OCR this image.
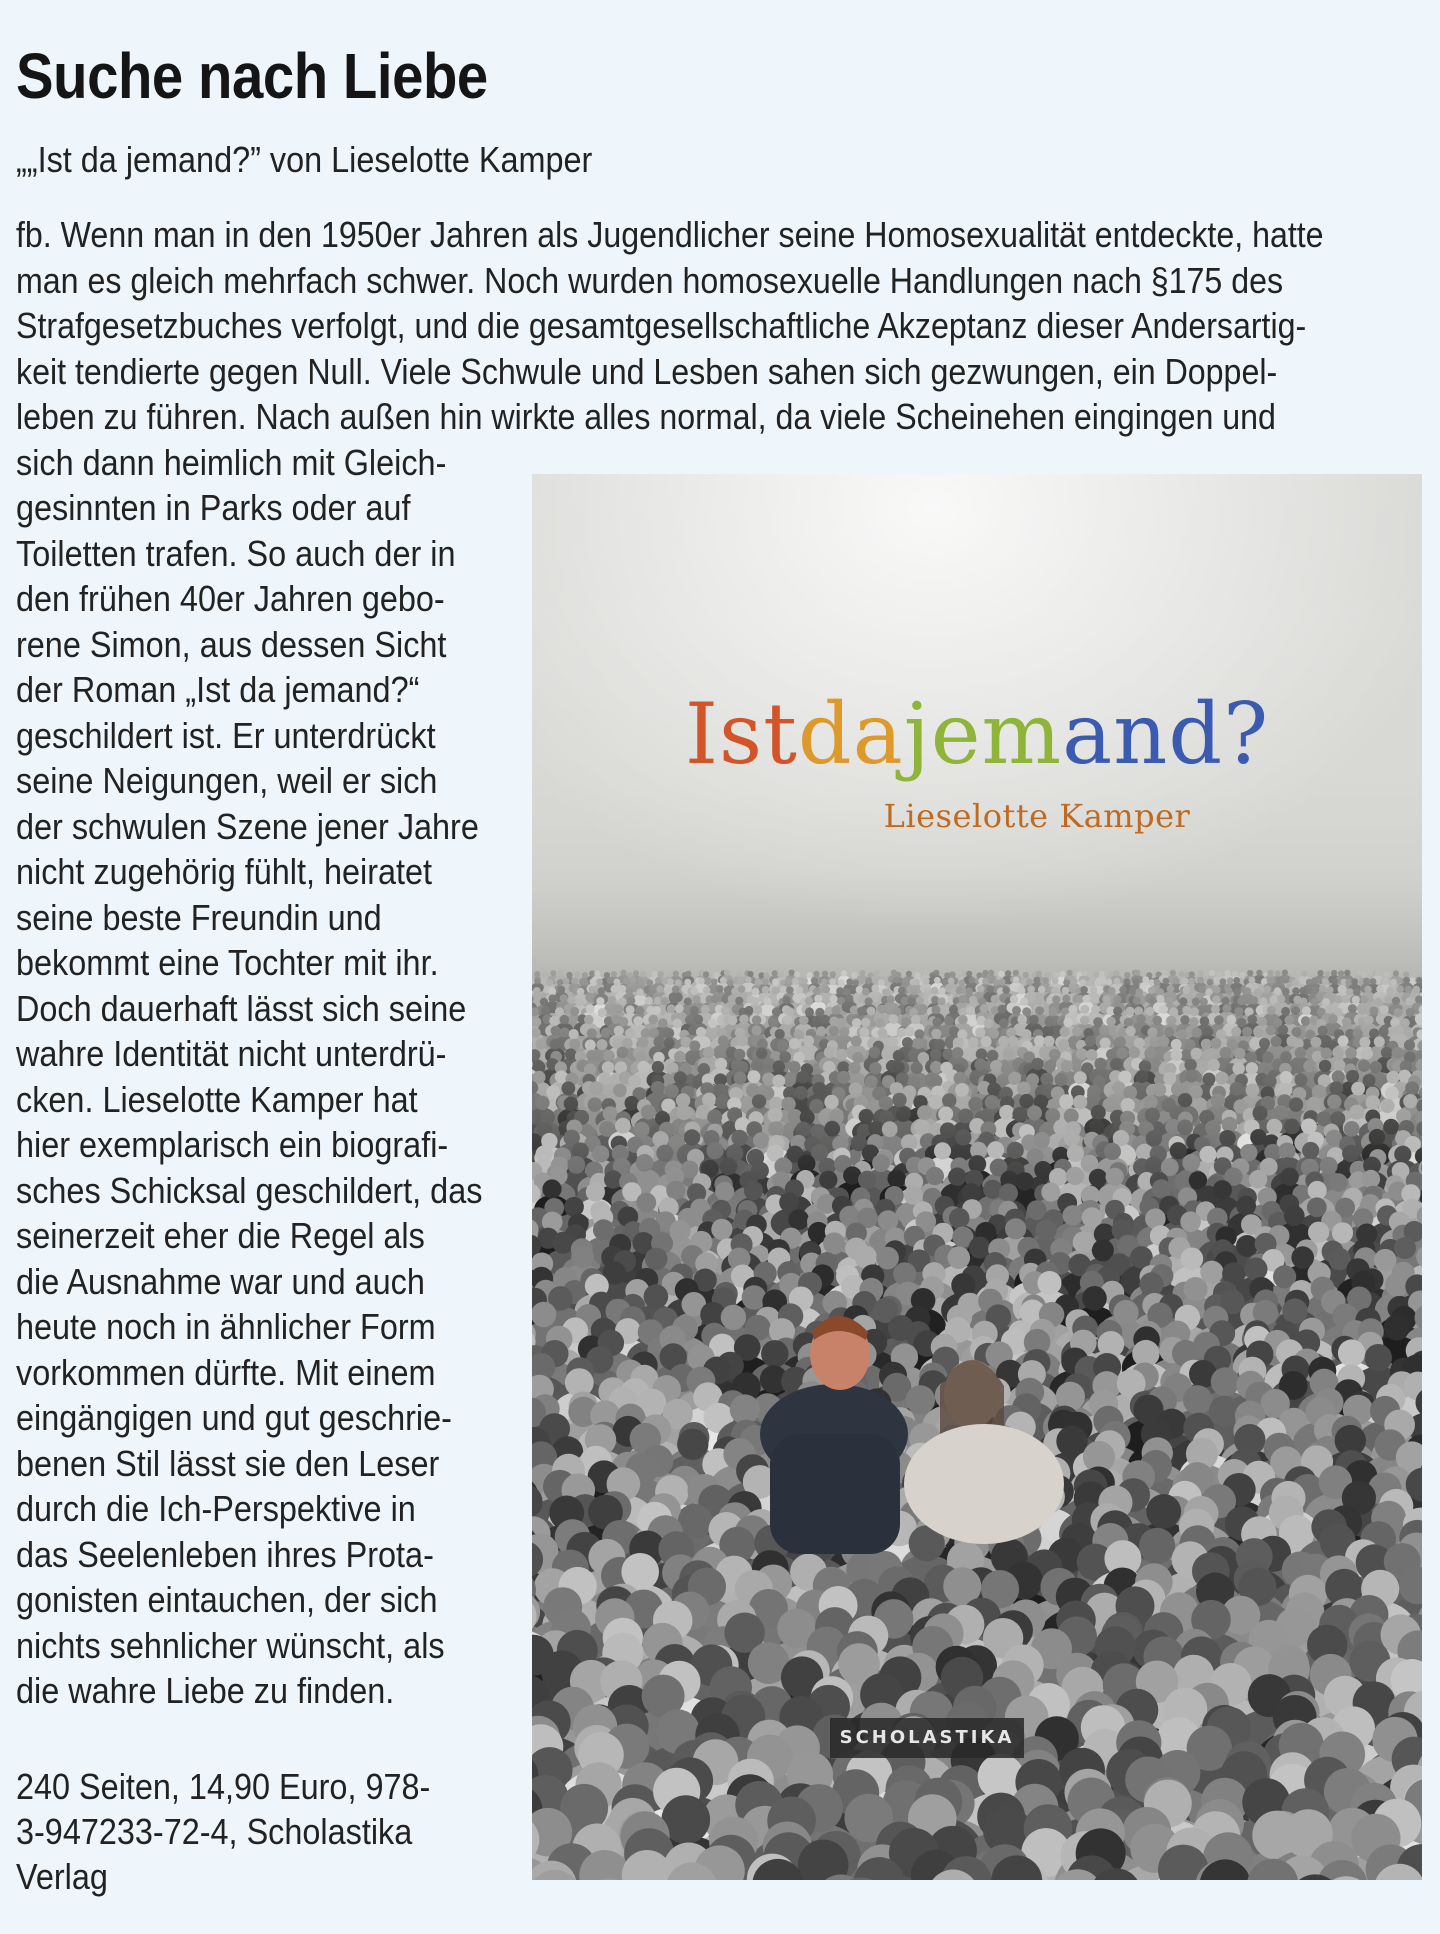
Suche nach Liebe
„„Ist da jemand?” von Lieselotte Kamper
fb. Wenn man in den 1950er Jahren als Jugendlicher seine Homosexualität entdeckte, hatte
man es gleich mehrfach schwer. Noch wurden homosexuelle Handlungen nach §175 des
Strafgesetzbuches verfolgt, und die gesamtgesellschaftliche Akzeptanz dieser Andersartig-
keit tendierte gegen Null. Viele Schwule und Lesben sahen sich gezwungen, ein Doppel-
leben zu führen. Nach außen hin wirkte alles normal, da viele Scheinehen eingingen und
sich dann heimlich mit Gleich-
gesinnten in Parks oder auf
Toiletten trafen. So auch der in
den frühen 40er Jahren gebo-
rene Simon, aus dessen Sicht
der Roman „Ist da jemand?“
geschildert ist. Er unterdrückt
seine Neigungen, weil er sich
der schwulen Szene jener Jahre
nicht zugehörig fühlt, heiratet
seine beste Freundin und
bekommt eine Tochter mit ihr.
Doch dauerhaft lässt sich seine
wahre Identität nicht unterdrü-
cken. Lieselotte Kamper hat
hier exemplarisch ein biografi-
sches Schicksal geschildert, das
seinerzeit eher die Regel als
die Ausnahme war und auch
heute noch in ähnlicher Form
vorkommen dürfte. Mit einem
eingängigen und gut geschrie-
benen Stil lässt sie den Leser
durch die Ich-Perspektive in
das Seelenleben ihres Prota-
gonisten eintauchen, der sich
nichts sehnlicher wünscht, als
die wahre Liebe zu finden.
240 Seiten, 14,90 Euro, 978-
3-947233-72-4, Scholastika
Verlag
Istdajemand?
Lieselotte Kamper
SCHOLASTIKA
